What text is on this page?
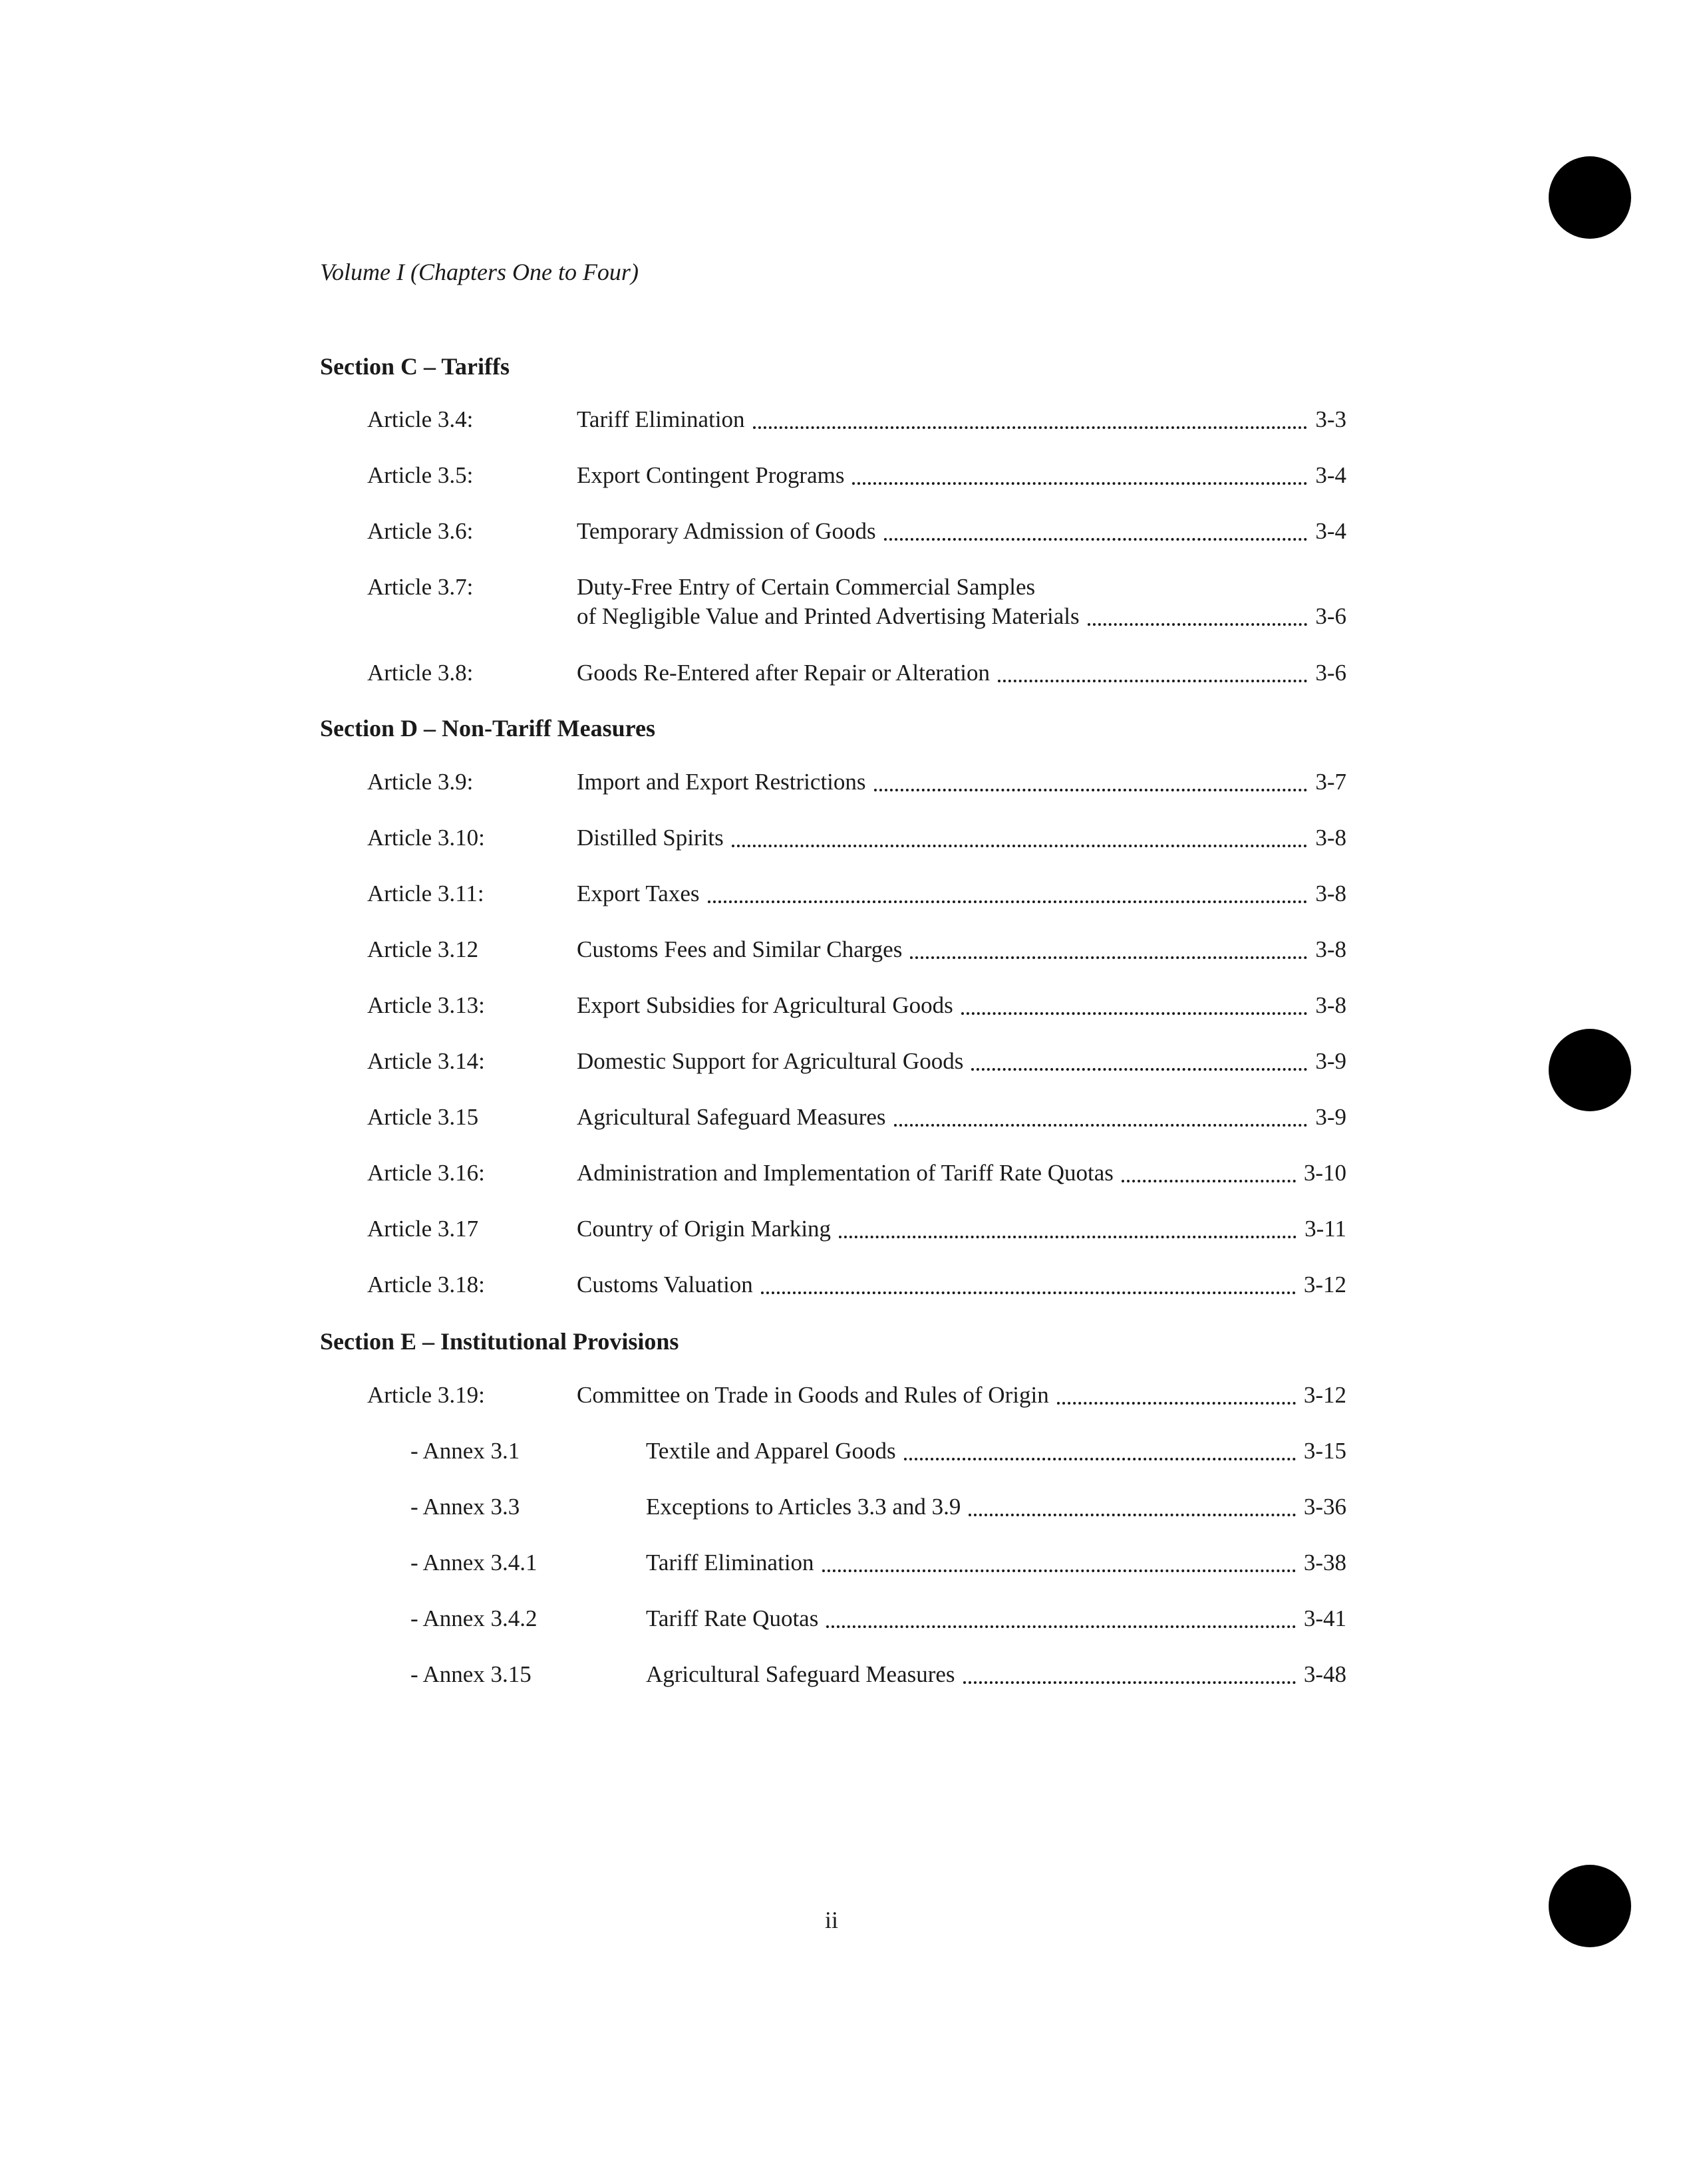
Volume I (Chapters One to Four)
Section C – Tariffs
Article 3.4:	Tariff Elimination	3-3
Article 3.5:	Export Contingent Programs	3-4
Article 3.6:	Temporary Admission of Goods	3-4
Article 3.7:	Duty-Free Entry of Certain Commercial Samples
of Negligible Value and Printed Advertising Materials	3-6
Article 3.8:	Goods Re-Entered after Repair or Alteration	3-6
Section D – Non-Tariff Measures
Article 3.9:	Import and Export Restrictions	3-7
Article 3.10:	Distilled Spirits	3-8
Article 3.11:	Export Taxes	3-8
Article 3.12	Customs Fees and Similar Charges	3-8
Article 3.13:	Export Subsidies for Agricultural Goods	3-8
Article 3.14:	Domestic Support for Agricultural Goods	3-9
Article 3.15	Agricultural Safeguard Measures	3-9
Article 3.16:	Administration and Implementation of Tariff Rate Quotas	3-10
Article 3.17	Country of Origin Marking	3-11
Article 3.18:	Customs Valuation	3-12
Section E – Institutional Provisions
Article 3.19:	Committee on Trade in Goods and Rules of Origin	3-12
- Annex 3.1	Textile and Apparel Goods	3-15
- Annex 3.3	Exceptions to Articles 3.3 and 3.9	3-36
- Annex 3.4.1	Tariff Elimination	3-38
- Annex 3.4.2	Tariff Rate Quotas	3-41
- Annex 3.15	Agricultural Safeguard Measures	3-48
ii
